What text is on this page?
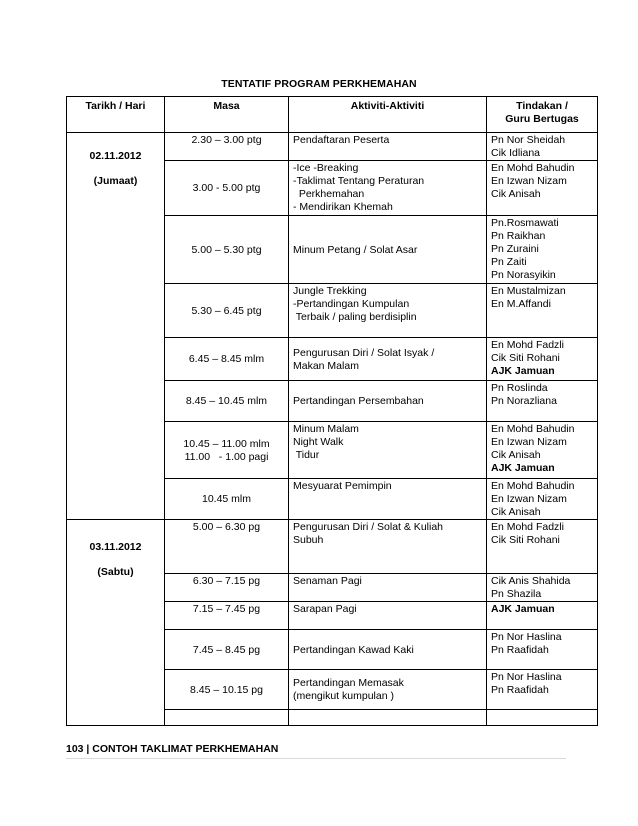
TENTATIF PROGRAM PERKHEMAHAN
Tarikh / Hari	Masa	Aktiviti-Aktiviti	Tindakan /
Guru Bertugas

02.11.2012
(Jumaat)	2.30 – 3.00 ptg	Pendaftaran Peserta	Pn Nor Sheidah
Cik Idliana
	3.00 - 5.00 ptg	-Ice -Breaking
-Taklimat Tentang Peraturan
Perkhemahan
- Mendirikan Khemah	En Mohd Bahudin
En Izwan Nizam
Cik Anisah
	5.00 – 5.30 ptg	Minum Petang / Solat Asar	Pn.Rosmawati
Pn Raikhan
Pn Zuraini
Pn Zaiti
Pn Norasyikin
	5.30 – 6.45 ptg	Jungle Trekking
-Pertandingan Kumpulan
Terbaik / paling berdisiplin	En Mustalmizan
En M.Affandi
	6.45 – 8.45 mlm	Pengurusan Diri / Solat Isyak /
Makan Malam	En Mohd Fadzli
Cik Siti Rohani
AJK Jamuan
	8.45 – 10.45 mlm	Pertandingan Persembahan	Pn Roslinda
Pn Norazliana
	10.45 – 11.00 mlm
11.00   - 1.00 pagi	Minum Malam
Night Walk
Tidur	En Mohd Bahudin
En Izwan Nizam
Cik Anisah
AJK Jamuan
	10.45 mlm	Mesyuarat Pemimpin	En Mohd Bahudin
En Izwan Nizam
Cik Anisah

03.11.2012
(Sabtu)	5.00 – 6.30 pg	Pengurusan Diri / Solat & Kuliah
Subuh	En Mohd Fadzli
Cik Siti Rohani
	6.30 – 7.15 pg	Senaman Pagi	Cik Anis Shahida
Pn Shazila
	7.15 – 7.45 pg	Sarapan Pagi	AJK Jamuan
	7.45 – 8.45 pg	Pertandingan Kawad Kaki	Pn Nor Haslina
Pn Raafidah
	8.45 – 10.15 pg	Pertandingan Memasak
(mengikut kumpulan )	Pn Nor Haslina
Pn Raafidah

103 | CONTOH TAKLIMAT PERKHEMAHAN
